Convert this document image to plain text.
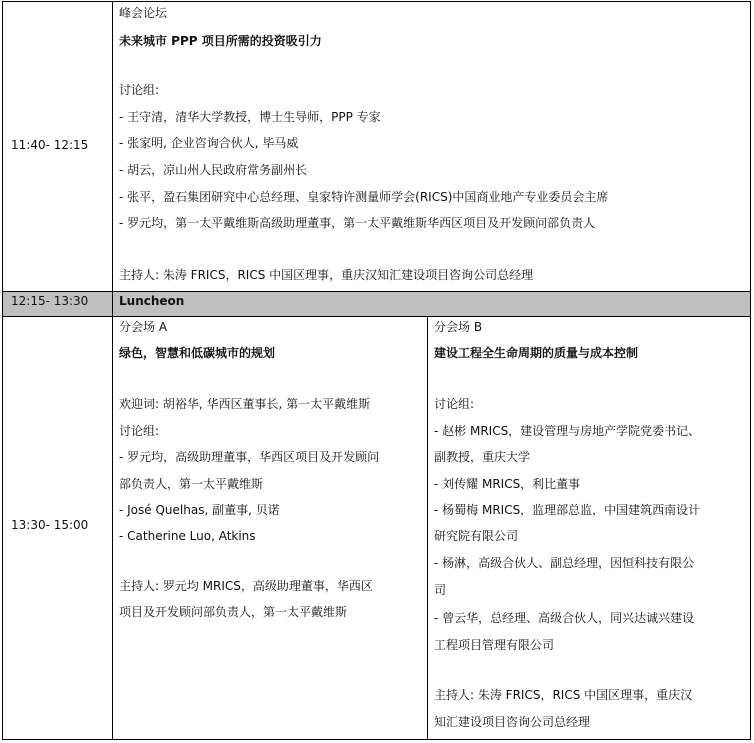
11:40- 12:15
峰会论坛
未来城市 PPP 项目所需的投资吸引力
讨论组:
- 王守清，清华大学教授，博士生导师，PPP 专家
- 张家明, 企业咨询合伙人, 毕马威
- 胡云，凉山州人民政府常务副州长
- 张平，盈石集团研究中心总经理、皇家特许测量师学会(RICS)中国商业地产专业委员会主席
- 罗元均，第一太平戴维斯高级助理董事，第一太平戴维斯华西区项目及开发顾问部负责人
主持人: 朱涛 FRICS，RICS 中国区理事，重庆汉知汇建设项目咨询公司总经理
12:15- 13:30	Luncheon
13:30- 15:00
分会场 A
绿色，智慧和低碳城市的规划
欢迎词: 胡裕华, 华西区董事长, 第一太平戴维斯
讨论组:
- 罗元均，高级助理董事，华西区项目及开发顾问
部负责人，第一太平戴维斯
- José Quelhas, 副董事, 贝诺
- Catherine Luo, Atkins
主持人: 罗元均 MRICS，高级助理董事，华西区
项目及开发顾问部负责人，第一太平戴维斯
分会场 B
建设工程全生命周期的质量与成本控制
讨论组:
- 赵彬 MRICS，建设管理与房地产学院党委书记、
副教授，重庆大学
- 刘传耀 MRICS，利比董事
- 杨蜀梅 MRICS，监理部总监，中国建筑西南设计
研究院有限公司
- 杨淋，高级合伙人、副总经理，因恒科技有限公
司
- 曾云华，总经理、高级合伙人，同兴达诚兴建设
工程项目管理有限公司
主持人: 朱涛 FRICS，RICS 中国区理事，重庆汉
知汇建设项目咨询公司总经理
